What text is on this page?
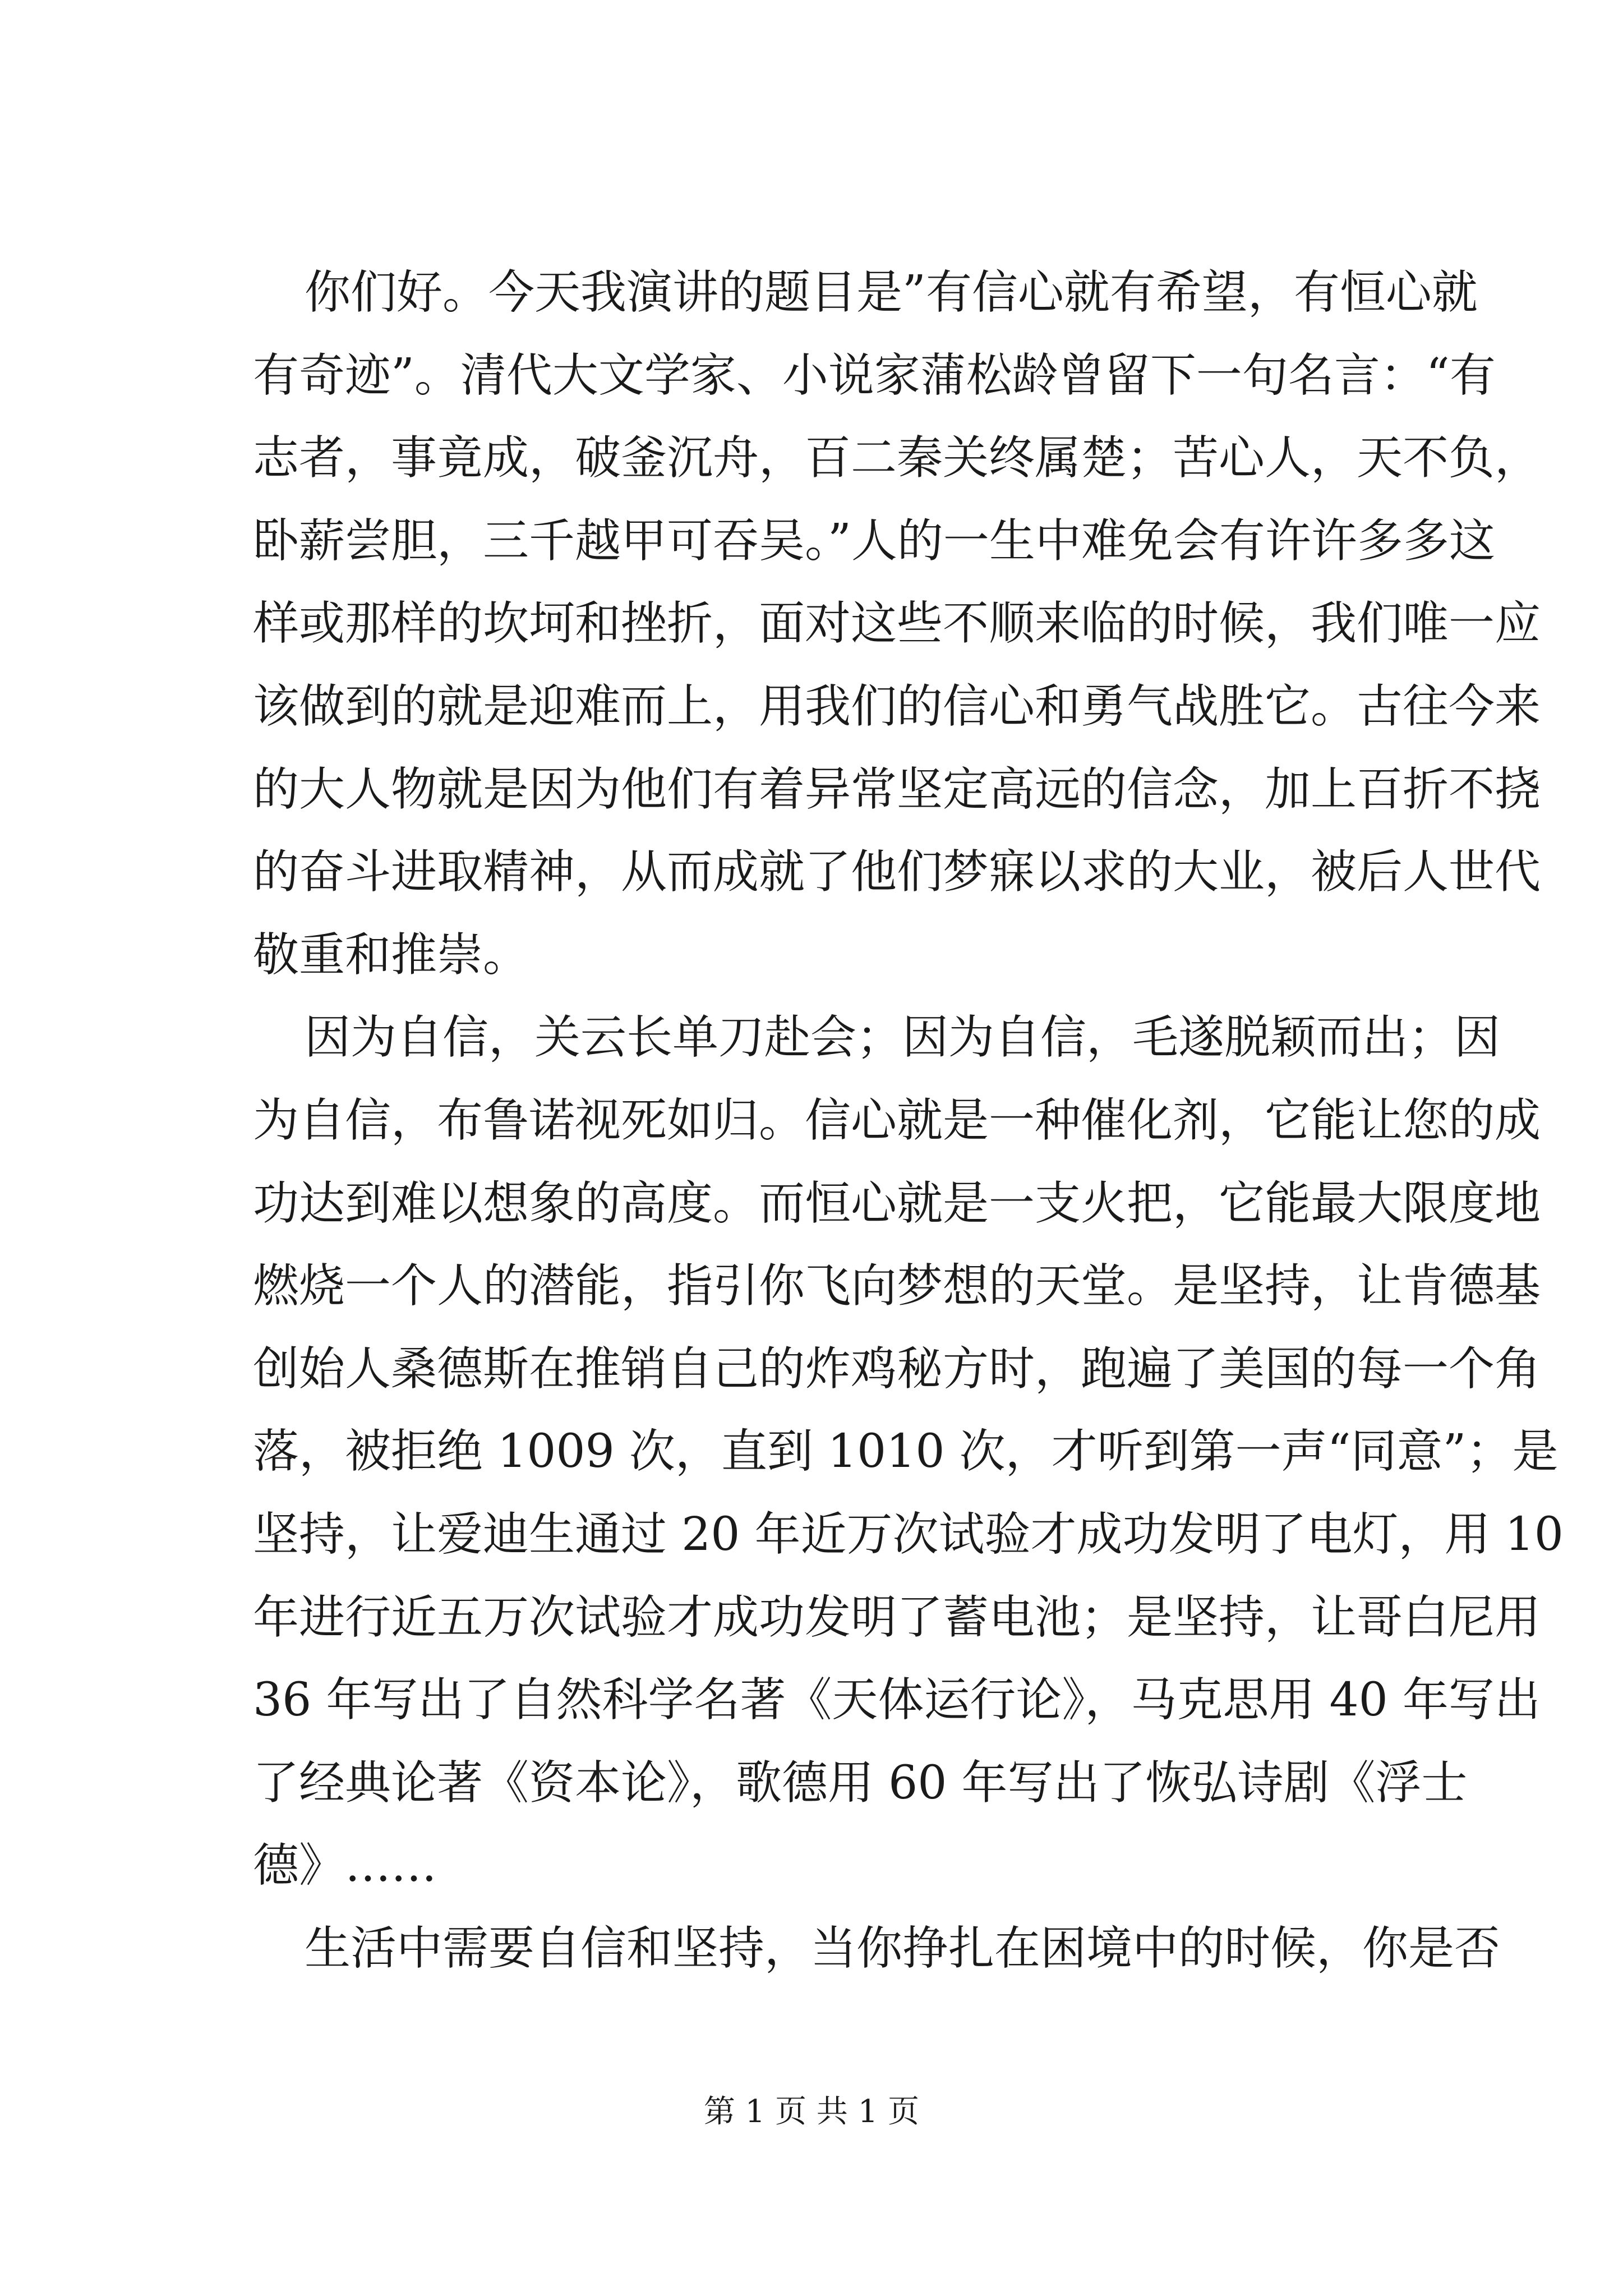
你们好。今天我演讲的题目是”有信心就有希望，有恒心就
有奇迹”。清代大文学家、小说家蒲松龄曾留下一句名言：“有
志者，事竟成，破釜沉舟，百二秦关终属楚；苦心人，天不负，
卧薪尝胆，三千越甲可吞吴。”人的一生中难免会有许许多多这
样或那样的坎坷和挫折，面对这些不顺来临的时候，我们唯一应
该做到的就是迎难而上，用我们的信心和勇气战胜它。古往今来
的大人物就是因为他们有着异常坚定高远的信念，加上百折不挠
的奋斗进取精神，从而成就了他们梦寐以求的大业，被后人世代
敬重和推崇。
因为自信，关云长单刀赴会；因为自信，毛遂脱颖而出；因
为自信，布鲁诺视死如归。信心就是一种催化剂，它能让您的成
功达到难以想象的高度。而恒心就是一支火把，它能最大限度地
燃烧一个人的潜能，指引你飞向梦想的天堂。是坚持，让肯德基
创始人桑德斯在推销自己的炸鸡秘方时，跑遍了美国的每一个角
落，被拒绝 1009 次，直到 1010 次，才听到第一声“同意”；是
坚持，让爱迪生通过 20 年近万次试验才成功发明了电灯，用 10
年进行近五万次试验才成功发明了蓄电池；是坚持，让哥白尼用
36 年写出了自然科学名著《天体运行论》，马克思用 40 年写出
了经典论著《资本论》，歌德用 60 年写出了恢弘诗剧《浮士
德》……
生活中需要自信和坚持，当你挣扎在困境中的时候，你是否
第 1 页 共 1 页
